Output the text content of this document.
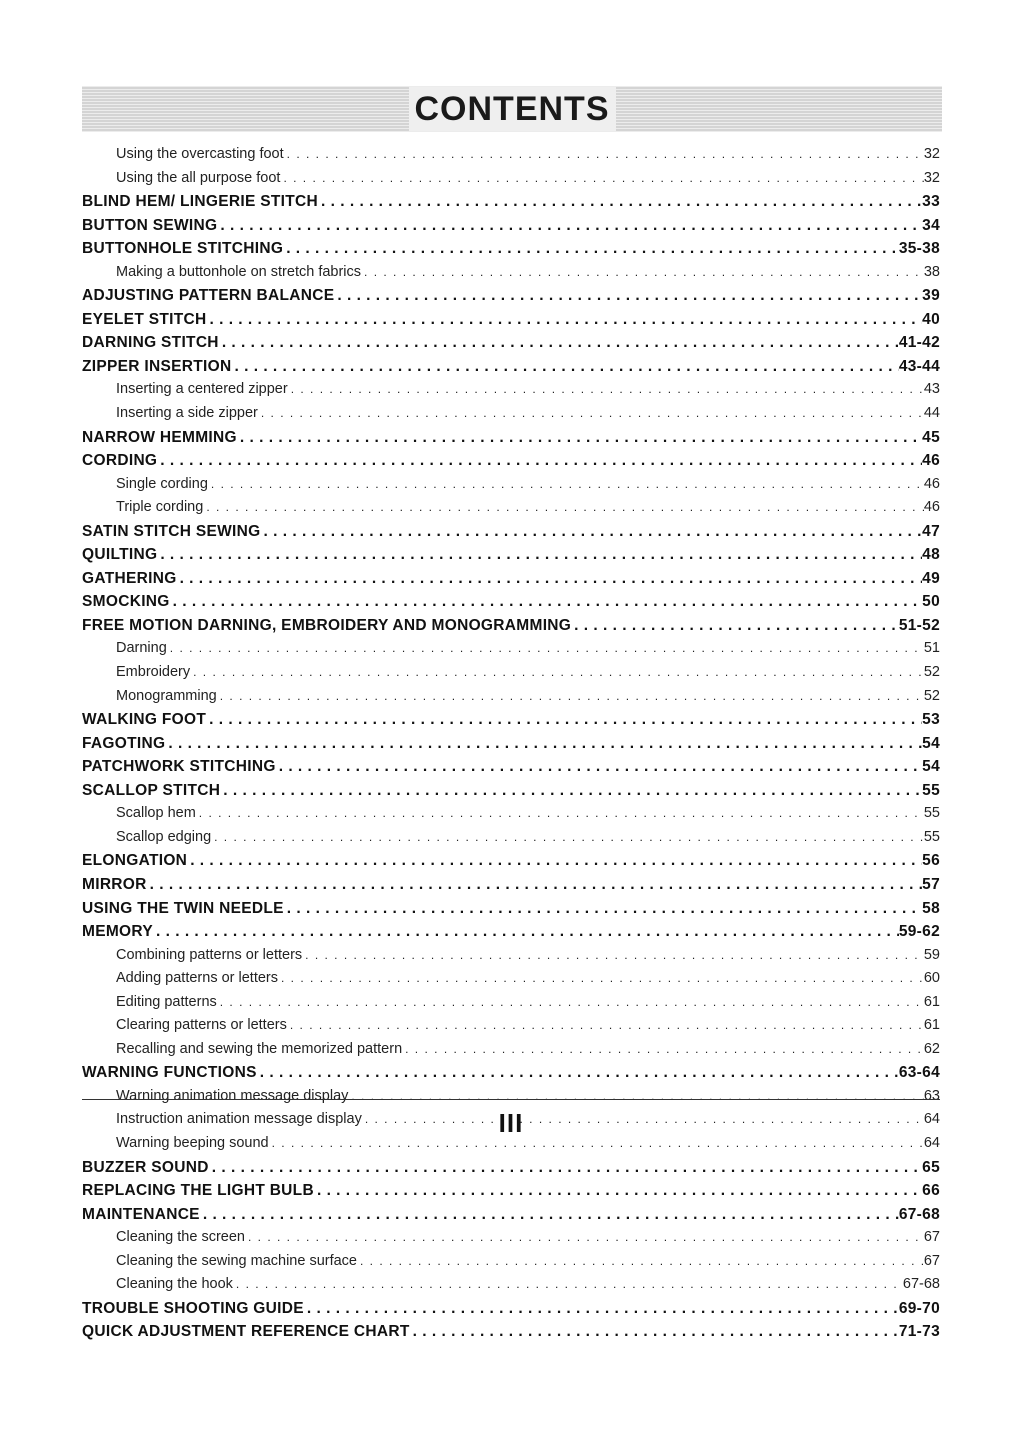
CONTENTS
Using the overcasting foot . . .	32
Using the all purpose foot . . .	32
BLIND HEM/ LINGERIE STITCH . . .	33
BUTTON SEWING . . .	34
BUTTONHOLE STITCHING . . .	35-38
Making a buttonhole on stretch fabrics . . .	38
ADJUSTING PATTERN BALANCE . . .	39
EYELET STITCH . . .	40
DARNING STITCH . . .	41-42
ZIPPER INSERTION . . .	43-44
Inserting a centered zipper . . .	43
Inserting a side zipper . . .	44
NARROW HEMMING . . .	45
CORDING . . .	46
Single cording . . .	46
Triple cording . . .	46
SATIN STITCH SEWING . . .	47
QUILTING . . .	48
GATHERING . . .	49
SMOCKING . . .	50
FREE MOTION DARNING, EMBROIDERY AND MONOGRAMMING . . .	51-52
Darning . . .	51
Embroidery . . .	52
Monogramming . . .	52
WALKING FOOT . . .	53
FAGOTING . . .	54
PATCHWORK STITCHING . . .	54
SCALLOP STITCH . . .	55
Scallop hem . . .	55
Scallop edging . . .	55
ELONGATION . . .	56
MIRROR . . .	57
USING THE TWIN NEEDLE . . .	58
MEMORY . . .	59-62
Combining patterns or letters . . .	59
Adding patterns or letters . . .	60
Editing patterns . . .	61
Clearing patterns or letters . . .	61
Recalling and sewing the memorized pattern . . .	62
WARNING FUNCTIONS . . .	63-64
Warning animation message display . . .	63
Instruction animation message display . . .	64
Warning beeping sound . . .	64
BUZZER SOUND . . .	65
REPLACING THE LIGHT BULB . . .	66
MAINTENANCE . . .	67-68
Cleaning the screen . . .	67
Cleaning the sewing machine surface . . .	67
Cleaning the hook . . .	67-68
TROUBLE SHOOTING GUIDE . . .	69-70
QUICK ADJUSTMENT REFERENCE CHART . . .	71-73
III
